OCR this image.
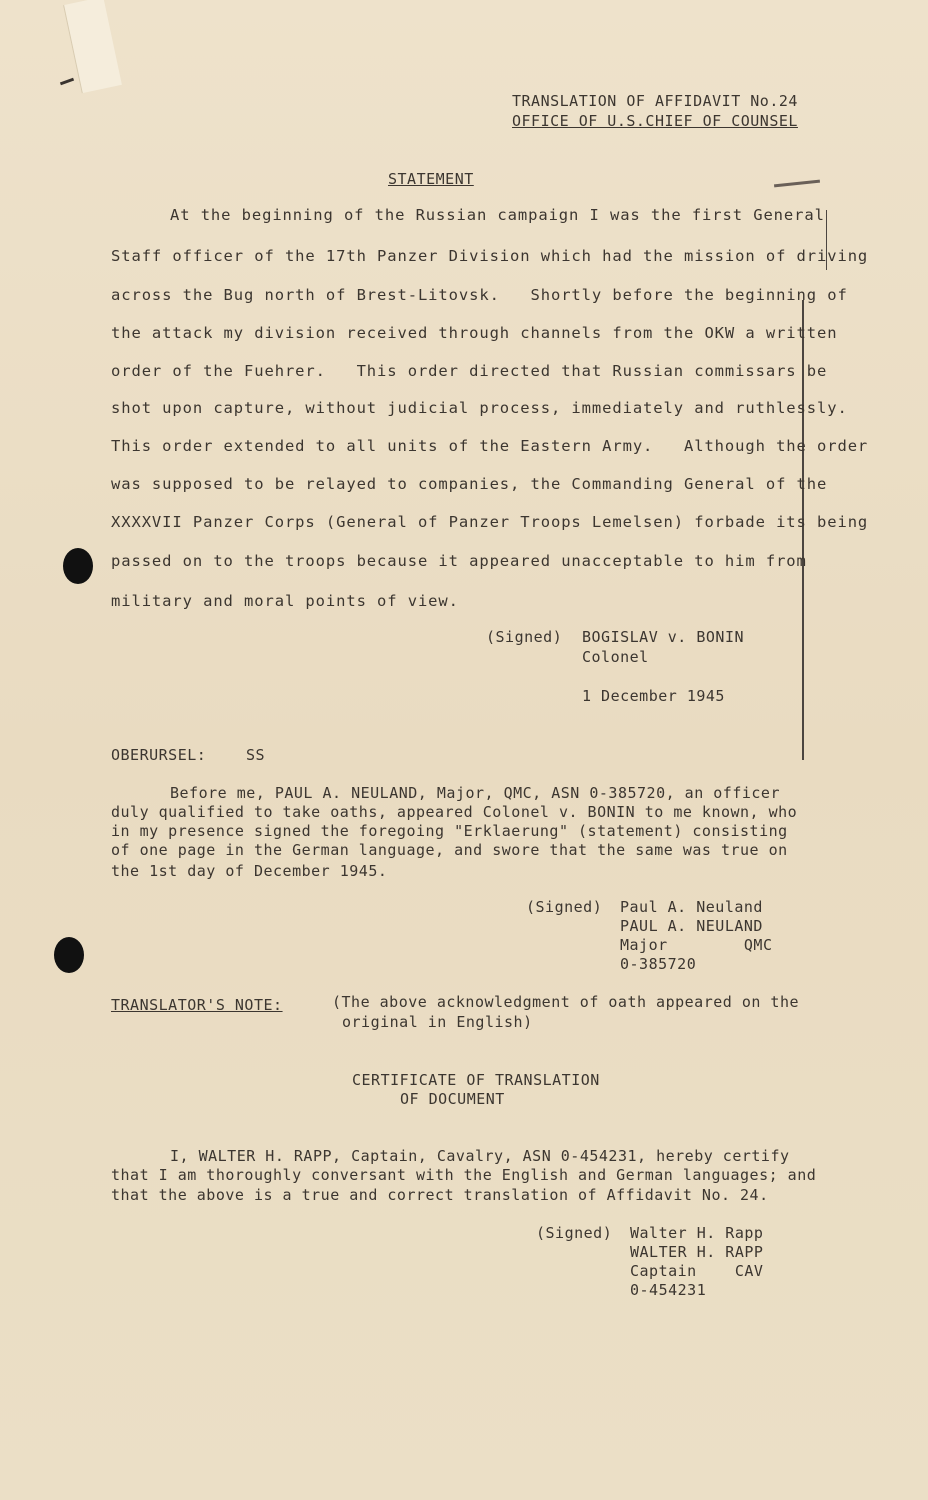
TRANSLATION OF AFFIDAVIT No.24
OFFICE OF U.S.CHIEF OF COUNSEL
STATEMENT
At the beginning of the Russian campaign I was the first General
Staff officer of the 17th Panzer Division which had the mission of driving
across the Bug north of Brest-Litovsk.   Shortly before the beginning of
the attack my division received through channels from the OKW a written
order of the Fuehrer.   This order directed that Russian commissars be
shot upon capture, without judicial process, immediately and ruthlessly.
This order extended to all units of the Eastern Army.   Although the order
was supposed to be relayed to companies, the Commanding General of the
XXXXVII Panzer Corps (General of Panzer Troops Lemelsen) forbade its being
passed on to the troops because it appeared unacceptable to him from
military and moral points of view.
(Signed) BOGISLAV v. BONIN
Colonel
1 December 1945
OBERURSEL:	SS
Before me, PAUL A. NEULAND, Major, QMC, ASN 0-385720, an officer
duly qualified to take oaths, appeared Colonel v. BONIN to me known, who
in my presence signed the foregoing "Erklaerung" (statement) consisting
of one page in the German language, and swore that the same was true on
the 1st day of December 1945.
(Signed) Paul A. Neuland
PAUL A. NEULAND
Major        QMC
0-385720
TRANSLATOR'S NOTE:	(The above acknowledgment of oath appeared on the
original in English)
CERTIFICATE OF TRANSLATION
OF DOCUMENT
I, WALTER H. RAPP, Captain, Cavalry, ASN 0-454231, hereby certify
that I am thoroughly conversant with the English and German languages; and
that the above is a true and correct translation of Affidavit No. 24.
(Signed) Walter H. Rapp
WALTER H. RAPP
Captain    CAV
0-454231
